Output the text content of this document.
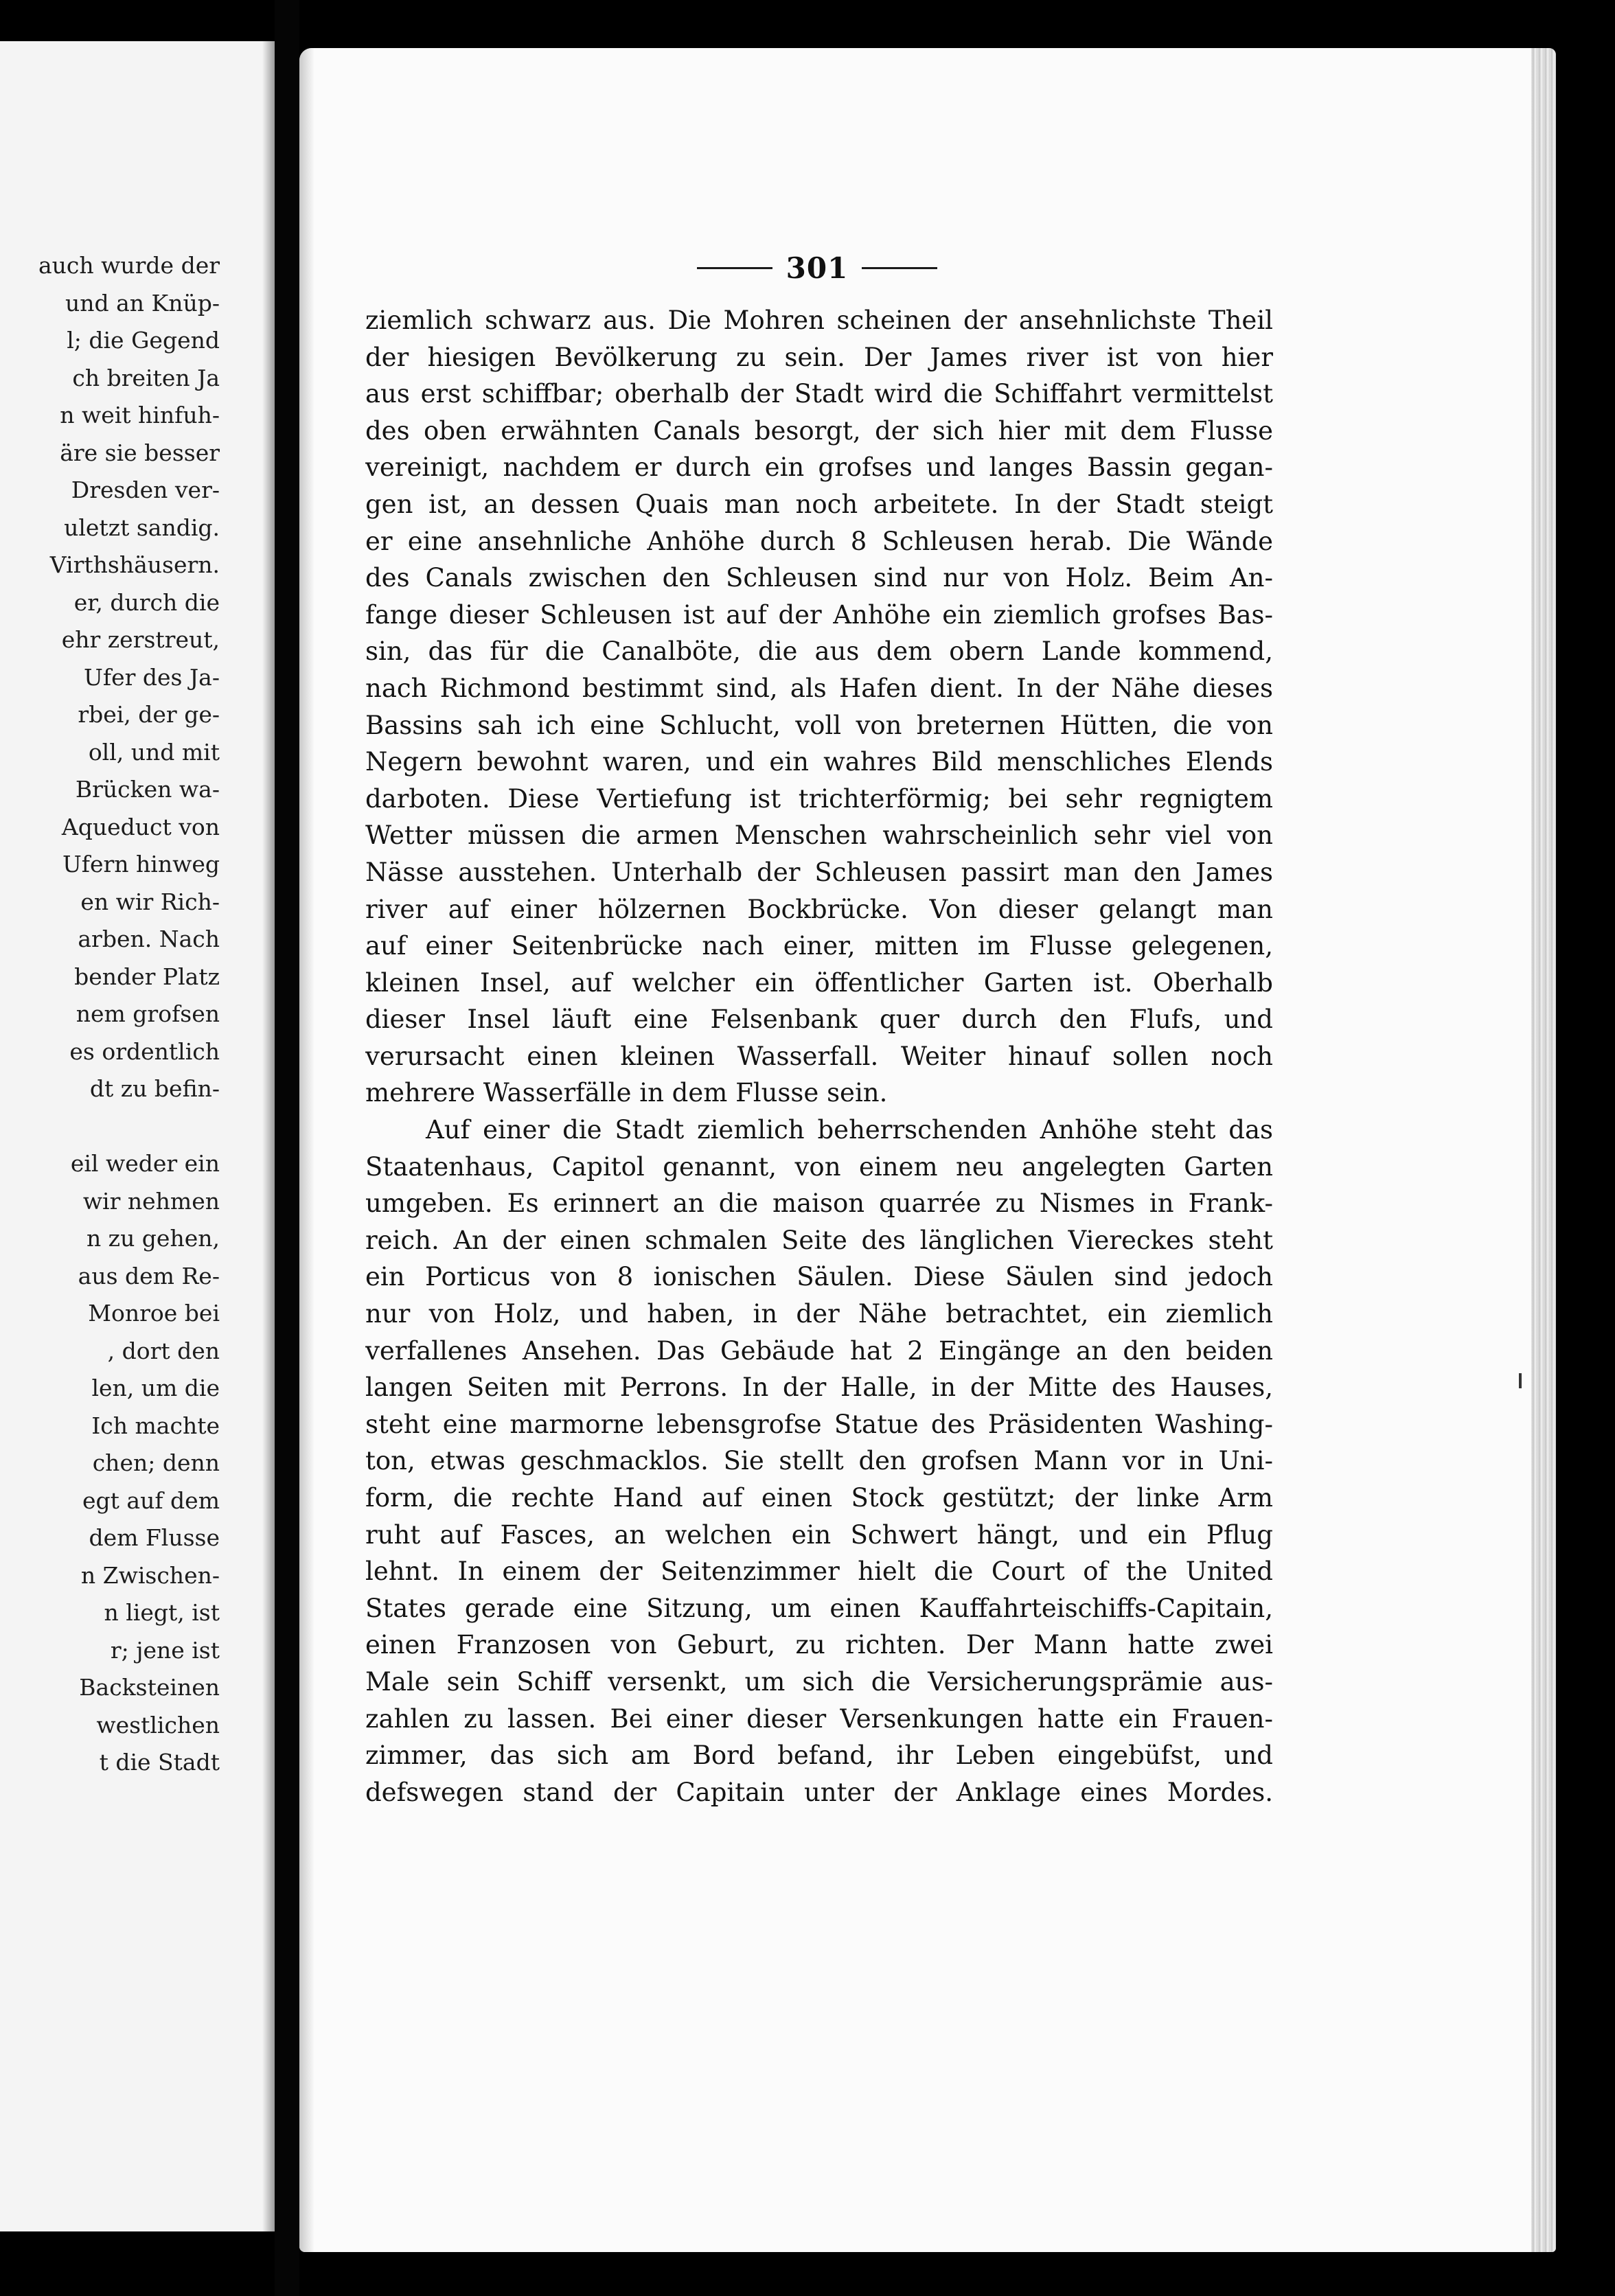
auch wurde der
und an Knüp-
l; die Gegend
ch breiten Ja
n weit hinfuh-
äre sie besser
Dresden ver-
uletzt sandig.
Virthshäusern.
er, durch die
ehr zerstreut,
Ufer des Ja-
rbei, der ge-
oll, und mit
Brücken wa-
Aqueduct von
Ufern hinweg
en wir Rich-
arben. Nach
bender Platz
nem grofsen
es ordentlich
dt zu befin-
eil weder ein
wir nehmen
n zu gehen,
aus dem Re-
Monroe bei
, dort den
len, um die
Ich machte
chen; denn
egt auf dem
dem Flusse
n Zwischen-
n liegt, ist
r; jene ist
Backsteinen
westlichen
t die Stadt
301
ziemlich schwarz aus. Die Mohren scheinen der ansehnlichste Theil
der hiesigen Bevölkerung zu sein. Der James river ist von hier
aus erst schiffbar; oberhalb der Stadt wird die Schiffahrt vermittelst
des oben erwähnten Canals besorgt, der sich hier mit dem Flusse
vereinigt, nachdem er durch ein grofses und langes Bassin gegan-
gen ist, an dessen Quais man noch arbeitete. In der Stadt steigt
er eine ansehnliche Anhöhe durch 8 Schleusen herab. Die Wände
des Canals zwischen den Schleusen sind nur von Holz. Beim An-
fange dieser Schleusen ist auf der Anhöhe ein ziemlich grofses Bas-
sin, das für die Canalböte, die aus dem obern Lande kommend,
nach Richmond bestimmt sind, als Hafen dient. In der Nähe dieses
Bassins sah ich eine Schlucht, voll von breternen Hütten, die von
Negern bewohnt waren, und ein wahres Bild menschliches Elends
darboten. Diese Vertiefung ist trichterförmig; bei sehr regnigtem
Wetter müssen die armen Menschen wahrscheinlich sehr viel von
Nässe ausstehen. Unterhalb der Schleusen passirt man den James
river auf einer hölzernen Bockbrücke. Von dieser gelangt man
auf einer Seitenbrücke nach einer, mitten im Flusse gelegenen,
kleinen Insel, auf welcher ein öffentlicher Garten ist. Oberhalb
dieser Insel läuft eine Felsenbank quer durch den Flufs, und
verursacht einen kleinen Wasserfall. Weiter hinauf sollen noch
mehrere Wasserfälle in dem Flusse sein.
Auf einer die Stadt ziemlich beherrschenden Anhöhe steht das
Staatenhaus, Capitol genannt, von einem neu angelegten Garten
umgeben. Es erinnert an die maison quarrée zu Nismes in Frank-
reich. An der einen schmalen Seite des länglichen Viereckes steht
ein Porticus von 8 ionischen Säulen. Diese Säulen sind jedoch
nur von Holz, und haben, in der Nähe betrachtet, ein ziemlich
verfallenes Ansehen. Das Gebäude hat 2 Eingänge an den beiden
langen Seiten mit Perrons. In der Halle, in der Mitte des Hauses,
steht eine marmorne lebensgrofse Statue des Präsidenten Washing-
ton, etwas geschmacklos. Sie stellt den grofsen Mann vor in Uni-
form, die rechte Hand auf einen Stock gestützt; der linke Arm
ruht auf Fasces, an welchen ein Schwert hängt, und ein Pflug
lehnt. In einem der Seitenzimmer hielt die Court of the United
States gerade eine Sitzung, um einen Kauffahrteischiffs-Capitain,
einen Franzosen von Geburt, zu richten. Der Mann hatte zwei
Male sein Schiff versenkt, um sich die Versicherungsprämie aus-
zahlen zu lassen. Bei einer dieser Versenkungen hatte ein Frauen-
zimmer, das sich am Bord befand, ihr Leben eingebüfst, und
defswegen stand der Capitain unter der Anklage eines Mordes.
